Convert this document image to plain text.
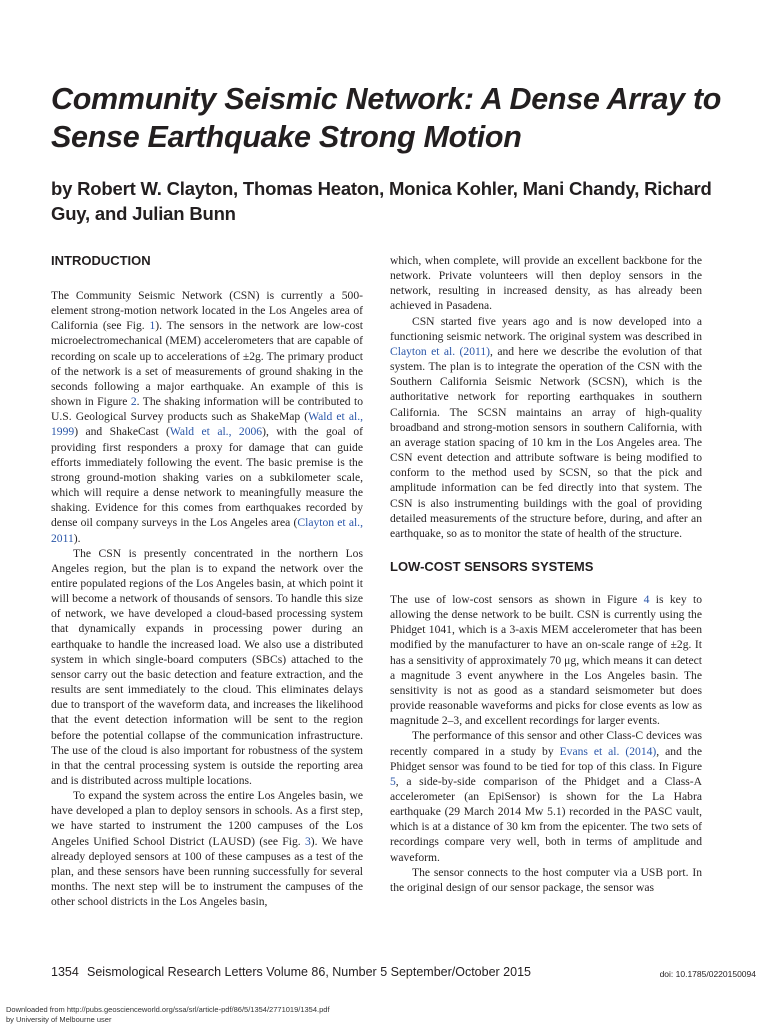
Community Seismic Network: A Dense Array to Sense Earthquake Strong Motion
by Robert W. Clayton, Thomas Heaton, Monica Kohler, Mani Chandy, Richard Guy, and Julian Bunn
INTRODUCTION

The Community Seismic Network (CSN) is currently a 500-element strong-motion network located in the Los Angeles area of California (see Fig. 1). The sensors in the network are low-cost microelectromechanical (MEM) accelerometers that are capable of recording on scale up to accelerations of ±2g. The primary product of the network is a set of measurements of ground shaking in the seconds following a major earthquake. An example of this is shown in Figure 2. The shaking information will be contributed to U.S. Geological Survey products such as ShakeMap (Wald et al., 1999) and ShakeCast (Wald et al., 2006), with the goal of providing first responders a proxy for damage that can guide efforts immediately following the event. The basic premise is the strong ground-motion shaking varies on a subkilometer scale, which will require a dense network to meaningfully measure the shaking. Evidence for this comes from earthquakes recorded by dense oil company surveys in the Los Angeles area (Clayton et al., 2011).

The CSN is presently concentrated in the northern Los Angeles region, but the plan is to expand the network over the entire populated regions of the Los Angeles basin, at which point it will become a network of thousands of sensors. To handle this size of network, we have developed a cloud-based processing system that dynamically expands in processing power during an earthquake to handle the increased load. We also use a distributed system in which single-board computers (SBCs) attached to the sensor carry out the basic detection and feature extraction, and the results are sent immediately to the cloud. This eliminates delays due to transport of the waveform data, and increases the likelihood that the event detection information will be sent to the region before the potential collapse of the communication infrastructure. The use of the cloud is also important for robustness of the system in that the central processing system is outside the reporting area and is distributed across multiple locations.

To expand the system across the entire Los Angeles basin, we have developed a plan to deploy sensors in schools. As a first step, we have started to instrument the 1200 campuses of the Los Angeles Unified School District (LAUSD) (see Fig. 3). We have already deployed sensors at 100 of these campuses as a test of the plan, and these sensors have been running successfully for several months. The next step will be to instrument the campuses of the other school districts in the Los Angeles basin,

which, when complete, will provide an excellent backbone for the network. Private volunteers will then deploy sensors in the network, resulting in increased density, as has already been achieved in Pasadena.

CSN started five years ago and is now developed into a functioning seismic network. The original system was described in Clayton et al. (2011), and here we describe the evolution of that system. The plan is to integrate the operation of the CSN with the Southern California Seismic Network (SCSN), which is the authoritative network for reporting earthquakes in southern California. The SCSN maintains an array of high-quality broadband and strong-motion sensors in southern California, with an average station spacing of 10 km in the Los Angeles area. The CSN event detection and attribute software is being modified to conform to the method used by SCSN, so that the pick and amplitude information can be fed directly into that system. The CSN is also instrumenting buildings with the goal of providing detailed measurements of the structure before, during, and after an earthquake, so as to monitor the state of health of the structure.

LOW-COST SENSORS SYSTEMS

The use of low-cost sensors as shown in Figure 4 is key to allowing the dense network to be built. CSN is currently using the Phidget 1041, which is a 3-axis MEM accelerometer that has been modified by the manufacturer to have an on-scale range of ±2g. It has a sensitivity of approximately 70 μg, which means it can detect a magnitude 3 event anywhere in the Los Angeles basin. The sensitivity is not as good as a standard seismometer but does provide reasonable waveforms and picks for close events as low as magnitude 2–3, and excellent recordings for larger events.

The performance of this sensor and other Class-C devices was recently compared in a study by Evans et al. (2014), and the Phidget sensor was found to be tied for top of this class. In Figure 5, a side-by-side comparison of the Phidget and a Class-A accelerometer (an EpiSensor) is shown for the La Habra earthquake (29 March 2014 Mw 5.1) recorded in the PASC vault, which is at a distance of 30 km from the epicenter. The two sets of recordings compare very well, both in terms of amplitude and waveform.

The sensor connects to the host computer via a USB port. In the original design of our sensor package, the sensor was

1354 Seismological Research Letters Volume 86, Number 5 September/October 2015	doi: 10.1785/0220150094
Downloaded from http://pubs.geoscienceworld.org/ssa/srl/article-pdf/86/5/1354/2771019/1354.pdf
by University of Melbourne user
